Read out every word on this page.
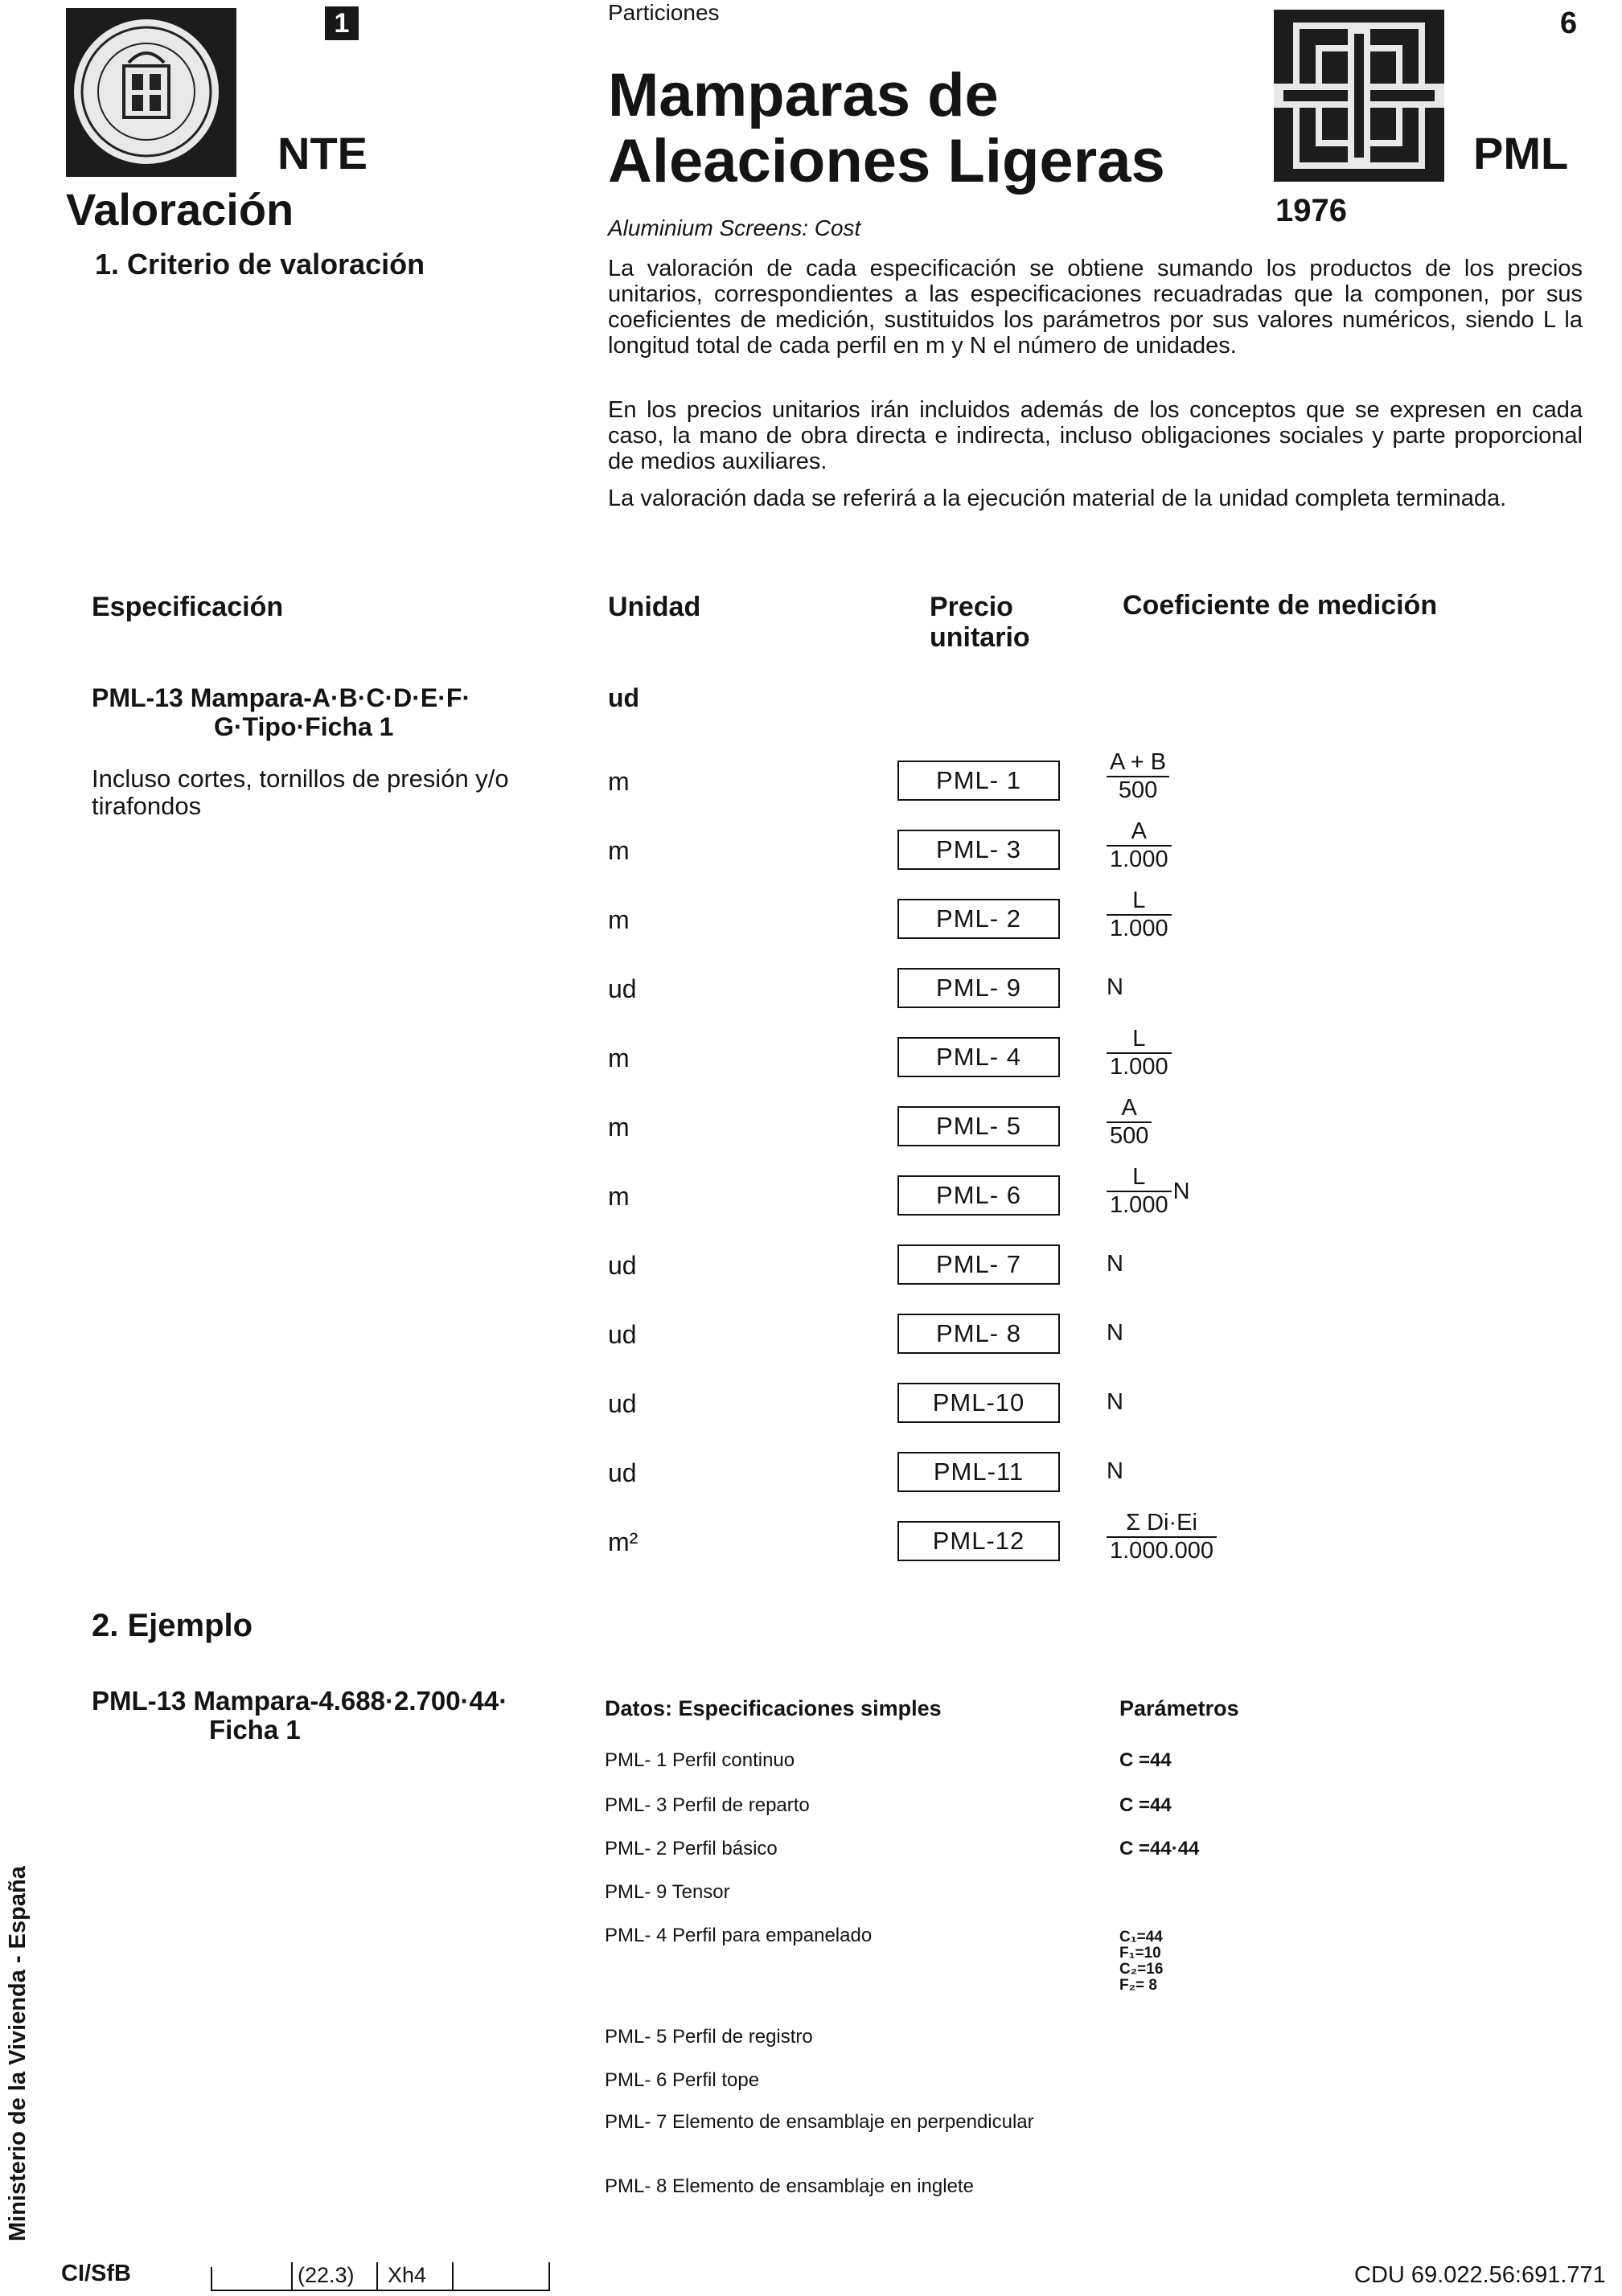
1
NTE
Valoración
1. Criterio de valoración
Particiones
Mamparas de
Aleaciones Ligeras
Aluminium Screens: Cost
6
PML
1976
La valoración de cada especificación se obtiene sumando los productos de los precios unitarios, correspondientes a las especificaciones recuadradas que la componen, por sus coeficientes de medición, sustituidos los parámetros por sus valores numéricos, siendo L la longitud total de cada perfil en m y N el número de unidades.
En los precios unitarios irán incluidos además de los conceptos que se expresen en cada caso, la mano de obra directa e indirecta, incluso obligaciones sociales y parte proporcional de medios auxiliares.
La valoración dada se referirá a la ejecución material de la unidad completa terminada.
Especificación	Unidad	Precio
unitario
Coeficiente de medición
PML-13 Mampara-A·B·C·D·E·F·
G·Tipo·Ficha 1
ud
Incluso cortes, tornillos de presión y/o tirafondos
m	PML- 1	$\frac{A + B}{500}$
m	PML- 3	$\frac{A}{1.000}$
m	PML- 2	$\frac{L}{1.000}$
ud	PML- 9	N
m	PML- 4	$\frac{L}{1.000}$
m	PML- 5	$\frac{A}{500}$
m	PML- 6	$\frac{L}{1.000}$ N
ud	PML- 7	N
ud	PML- 8	N
ud	PML-10	N
ud	PML-11	N
m²	PML-12	$\frac{\text{Σ Di·Ei}}{1.000.000}$
2. Ejemplo
PML-13 Mampara-4.688·2.700·44·
Ficha 1
Datos: Especificaciones simples	Parámetros
PML- 1 Perfil continuo	C =44
PML- 3 Perfil de reparto	C =44
PML- 2 Perfil básico	C =44·44
PML- 9 Tensor
PML- 4 Perfil para empanelado	C₁=44
F₁=10
C₂=16
F₂= 8
PML- 5 Perfil de registro
PML- 6 Perfil tope
PML- 7 Elemento de ensamblaje en perpendicular
PML- 8 Elemento de ensamblaje en inglete
Ministerio de la Vivienda - España
CI/SfB	(22.3) Xh4	CDU 69.022.56:691.771
